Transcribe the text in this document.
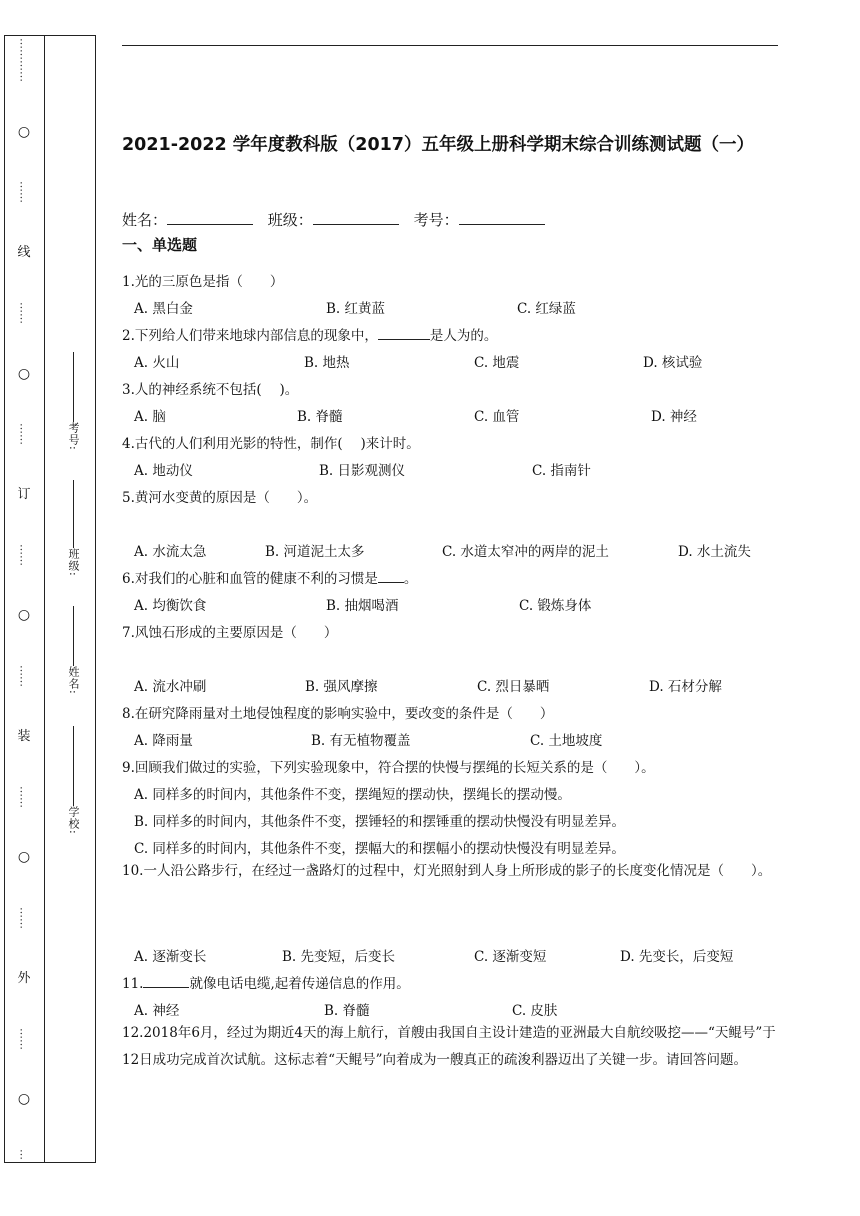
…………
○
……
线
……
○
……
订
……
○
……
装
……
○
……
外
……
○
…
考号:
班级:
姓名:
学校:
2021-2022 学年度教科版（2017）五年级上册科学期末综合训练测试题（一）
姓名：	班级：	考号：
一、单选题
1.光的三原色是指（　　）
A. 黑白金	B. 红黄蓝	C. 红绿蓝
2.下列给人们带来地球内部信息的现象中，	是人为的。
A. 火山	B. 地热	C. 地震	D. 核试验
3.人的神经系统不包括(　 )。
A. 脑	B. 脊髓	C. 血管	D. 神经
4.古代的人们利用光影的特性，制作(　 )来计时。
A. 地动仪	B. 日影观测仪	C. 指南针
5.黄河水变黄的原因是（　　）。
A. 水流太急	B. 河道泥土太多	C. 水道太窄冲的两岸的泥土	D. 水土流失
6.对我们的心脏和血管的健康不利的习惯是 。
A. 均衡饮食	B. 抽烟喝酒	C. 锻炼身体
7.风蚀石形成的主要原因是（　　）
A. 流水冲刷	B. 强风摩擦	C. 烈日暴晒	D. 石材分解
8.在研究降雨量对土地侵蚀程度的影响实验中，要改变的条件是（　　）
A. 降雨量	B. 有无植物覆盖	C. 土地坡度
9.回顾我们做过的实验，下列实验现象中，符合摆的快慢与摆绳的长短关系的是（　　）。
A. 同样多的时间内，其他条件不变，摆绳短的摆动快，摆绳长的摆动慢。
B. 同样多的时间内，其他条件不变，摆锤轻的和摆锤重的摆动快慢没有明显差异。
C. 同样多的时间内，其他条件不变，摆幅大的和摆幅小的摆动快慢没有明显差异。
10.一人沿公路步行，在经过一盏路灯的过程中，灯光照射到人身上所形成的影子的长度变化情况是（　　）。
A. 逐渐变长	B. 先变短，后变长	C. 逐渐变短	D. 先变长，后变短
11.	就像电话电缆,起着传递信息的作用。
A. 神经	B. 脊髓	C. 皮肤
12.2018年6月，经过为期近4天的海上航行，首艘由我国自主设计建造的亚洲最大自航绞吸挖——“天鲲号”于12日成功完成首次试航。这标志着“天鲲号”向着成为一艘真正的疏浚利器迈出了关键一步。请回答问题。
